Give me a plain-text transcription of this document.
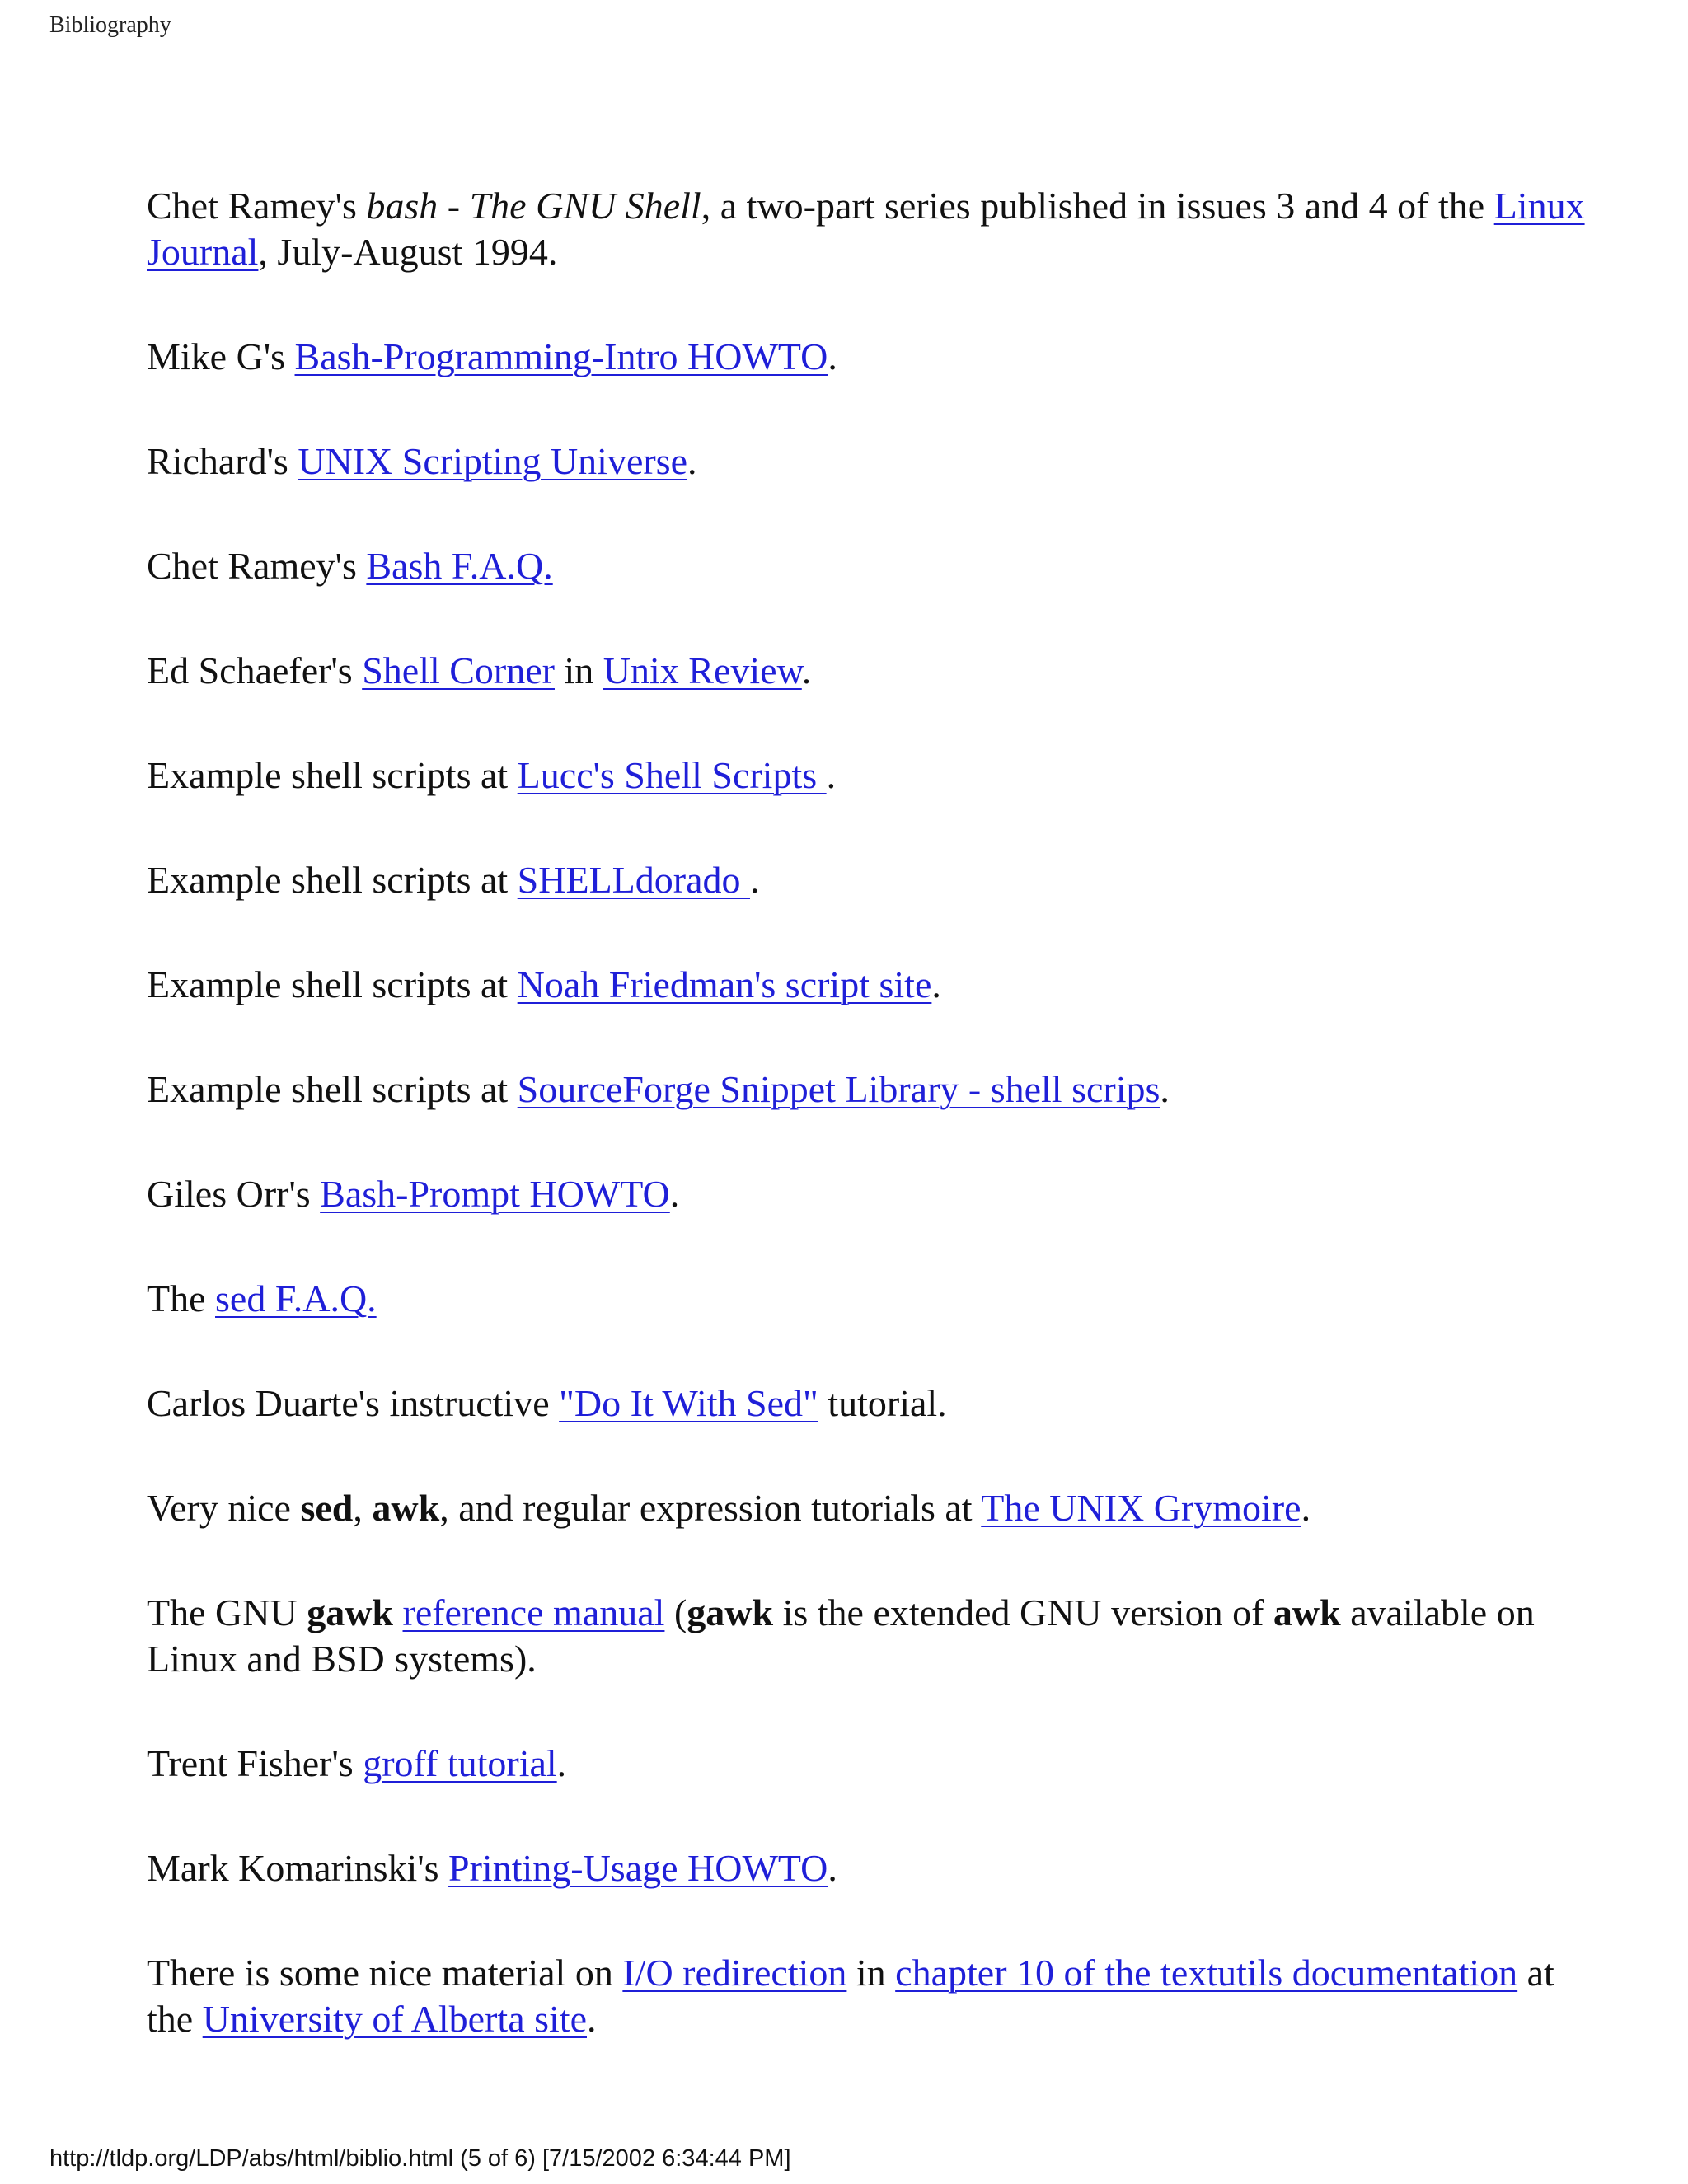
Bibliography

Chet Ramey's bash - The GNU Shell, a two-part series published in issues 3 and 4 of the Linux Journal, July-August 1994.

Mike G's Bash-Programming-Intro HOWTO.

Richard's UNIX Scripting Universe.

Chet Ramey's Bash F.A.Q.

Ed Schaefer's Shell Corner in Unix Review.

Example shell scripts at Lucc's Shell Scripts .

Example shell scripts at SHELLdorado .

Example shell scripts at Noah Friedman's script site.

Example shell scripts at SourceForge Snippet Library - shell scrips.

Giles Orr's Bash-Prompt HOWTO.

The sed F.A.Q.

Carlos Duarte's instructive "Do It With Sed" tutorial.

Very nice sed, awk, and regular expression tutorials at The UNIX Grymoire.

The GNU gawk reference manual (gawk is the extended GNU version of awk available on Linux and BSD systems).

Trent Fisher's groff tutorial.

Mark Komarinski's Printing-Usage HOWTO.

There is some nice material on I/O redirection in chapter 10 of the textutils documentation at the University of Alberta site.

http://tldp.org/LDP/abs/html/biblio.html (5 of 6) [7/15/2002 6:34:44 PM]
